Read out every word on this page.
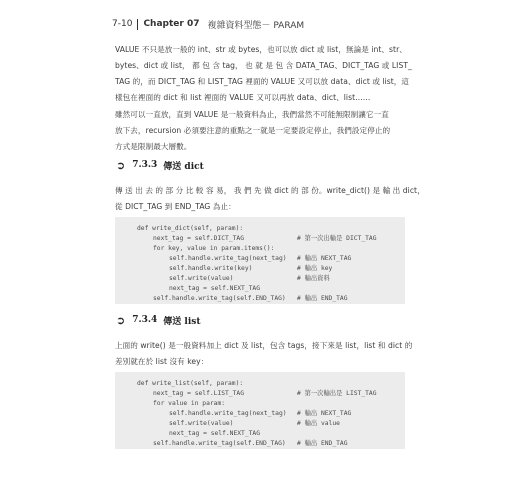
7-10 Chapter 07 複雜資料型態－ PARAM

VALUE 不只是放一般的 int、str 或 bytes，也可以放 dict 或 list，無論是 int、str、
bytes、dict 或 list， 都 包 含 tag， 也 就 是 包 含 DATA_TAG、DICT_TAG 或 LIST_
TAG 的，而 DICT_TAG 和 LIST_TAG 裡面的 VALUE 又可以放 data、dict 或 list，這
樣包在裡面的 dict 和 list 裡面的 VALUE 又可以再放 data、dict、list……

雖然可以一直放，直到 VALUE 是一般資料為止，我們當然不可能無限制讓它一直
放下去，recursion 必須要注意的重點之一就是一定要設定停止，我們設定停止的
方式是限制最大層數。

➲ 7.3.3 傳送 dict

傳 送 出 去 的 部 分 比 較 容 易， 我 們 先 做 dict 的 部 份。write_dict() 是 輸 出 dict，
從 DICT_TAG 到 END_TAG 為止：

def write_dict(self, param):
next_tag = self.DICT_TAG	# 第一次出輸是 DICT_TAG
for key, value in param.items():
self.handle.write_tag(next_tag) # 輸出 NEXT_TAG
self.handle.write(key)	# 輸出 key
self.write(value)	# 輸出資料
next_tag = self.NEXT_TAG
self.handle.write_tag(self.END_TAG) # 輸出 END_TAG
➲ 7.3.4 傳送 list

上面的 write() 是一般資料加上 dict 及 list，包含 tags，接下來是 list，list 和 dict 的
差別就在於 list 沒有 key：

def write_list(self, param):
next_tag = self.LIST_TAG	# 第一次輸出是 LIST_TAG
for value in param:
self.handle.write_tag(next_tag) # 輸出 NEXT_TAG
self.write(value)	# 輸出 value
next_tag = self.NEXT_TAG
self.handle.write_tag(self.END_TAG) # 輸出 END_TAG
